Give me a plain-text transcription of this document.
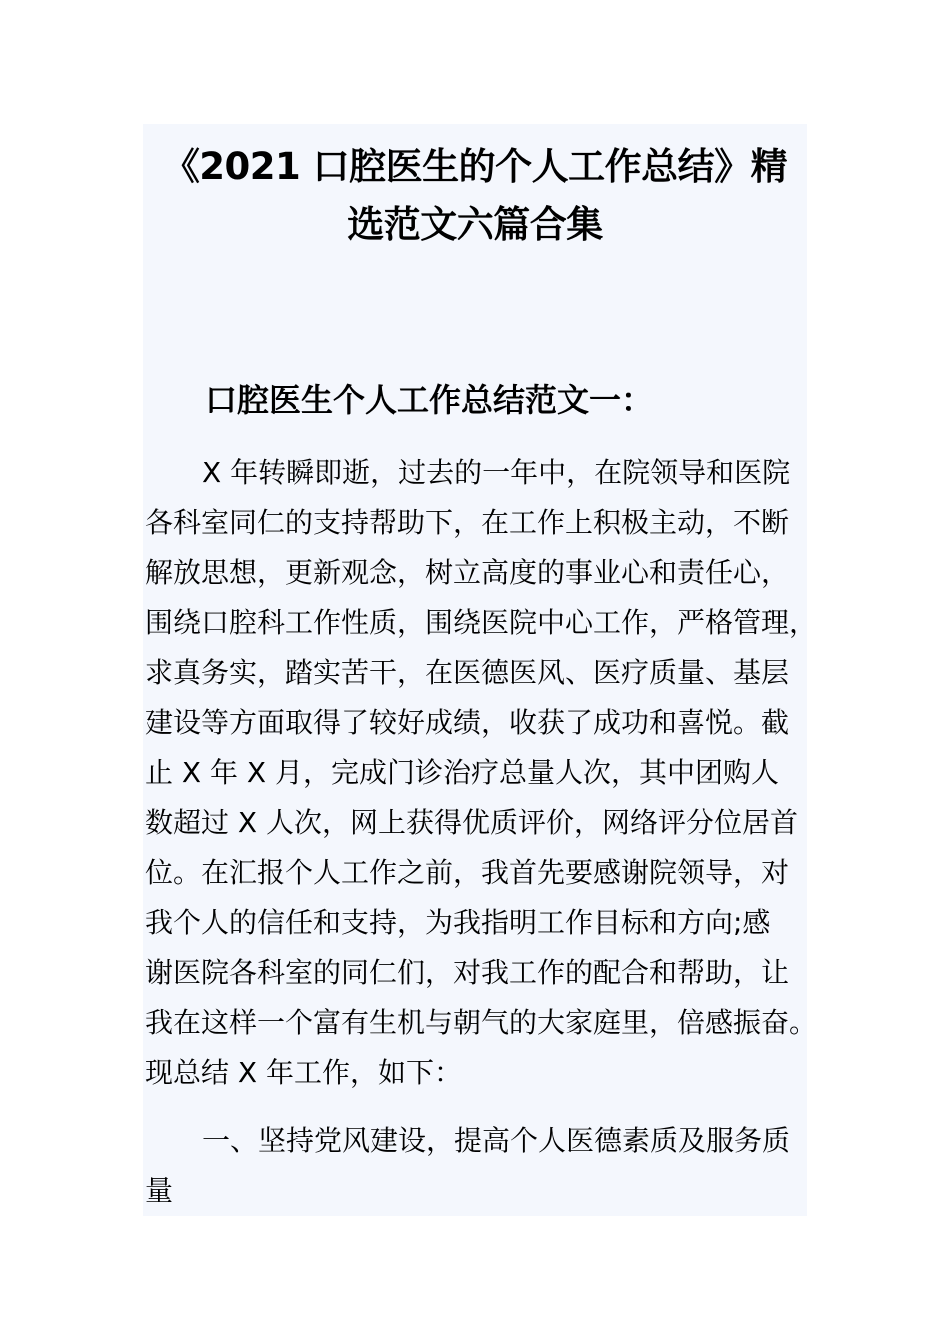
《2021 口腔医生的个人工作总结》精
选范文六篇合集
口腔医生个人工作总结范文一：
X 年转瞬即逝，过去的一年中，在院领导和医院
各科室同仁的支持帮助下，在工作上积极主动，不断
解放思想，更新观念，树立高度的事业心和责任心，
围绕口腔科工作性质，围绕医院中心工作，严格管理，
求真务实，踏实苦干，在医德医风、医疗质量、基层
建设等方面取得了较好成绩，收获了成功和喜悦。截
止 X 年 X 月，完成门诊治疗总量人次，其中团购人
数超过 X 人次，网上获得优质评价，网络评分位居首
位。在汇报个人工作之前，我首先要感谢院领导，对
我个人的信任和支持，为我指明工作目标和方向;感
谢医院各科室的同仁们，对我工作的配合和帮助，让
我在这样一个富有生机与朝气的大家庭里，倍感振奋。
现总结 X 年工作，如下：
一、坚持党风建设，提高个人医德素质及服务质
量
